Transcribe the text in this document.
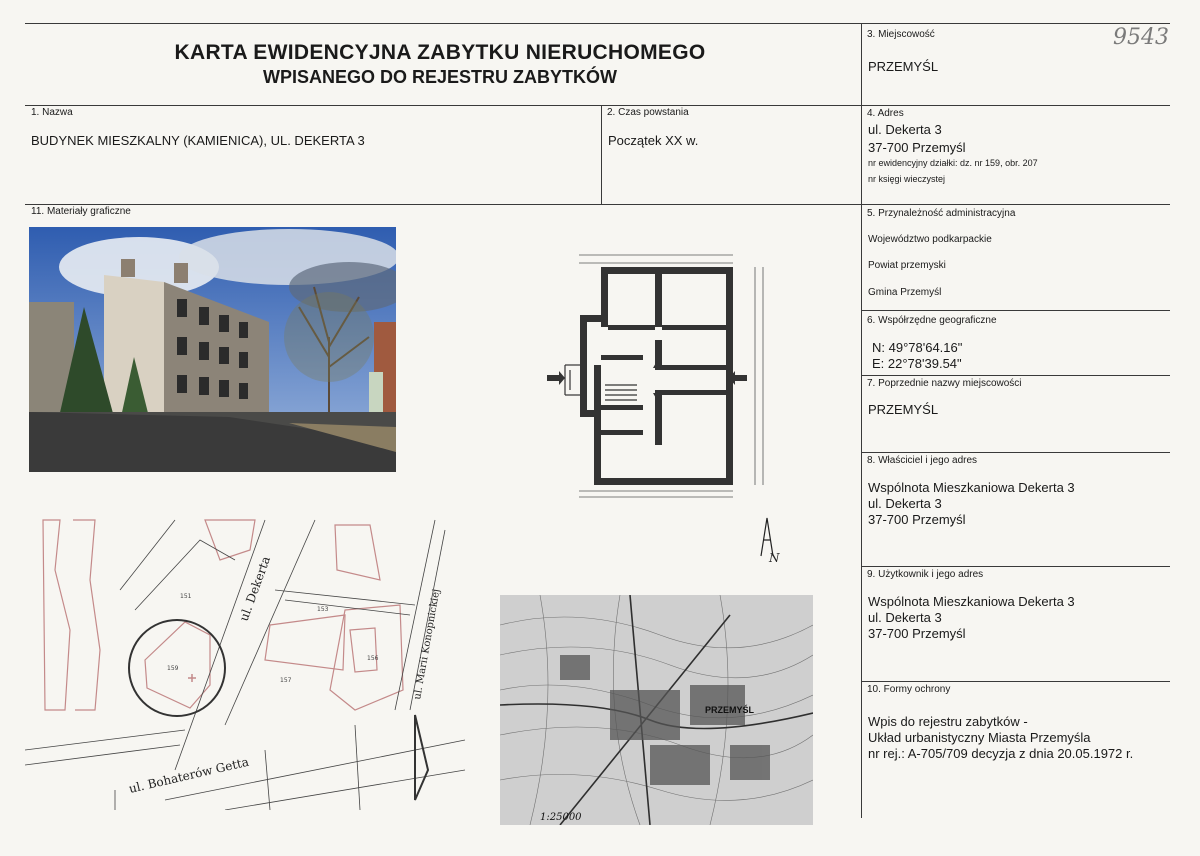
KARTA EWIDENCYJNA ZABYTKU NIERUCHOMEGO
WPISANEGO DO REJESTRU ZABYTKÓW
9543
3. Miejscowość
PRZEMYŚL
1. Nazwa
BUDYNEK MIESZKALNY (KAMIENICA), UL. DEKERTA 3
2. Czas powstania
Początek XX w.
4. Adres
ul. Dekerta 3
37-700 Przemyśl
nr ewidencyjny działki: dz. nr 159, obr. 207
nr księgi wieczystej
5. Przynależność administracyjna
Województwo podkarpackie
Powiat przemyski
Gmina Przemyśl
6. Współrzędne geograficzne
N: 49°78'64.16"
E: 22°78'39.54"
7. Poprzednie nazwy miejscowości
PRZEMYŚL
8. Właściciel i jego adres
Wspólnota Mieszkaniowa Dekerta 3
ul. Dekerta 3
37-700 Przemyśl
9. Użytkownik i jego adres
Wspólnota Mieszkaniowa Dekerta 3
ul. Dekerta 3
37-700 Przemyśl
10. Formy ochrony
Wpis do rejestru zabytków -
Układ urbanistyczny Miasta Przemyśla
nr rej.: A-705/709 decyzja z dnia 20.05.1972 r.
11. Materiały graficzne
ul. Dekerta	ul. Marii Konopnickiej
ul. Bohaterów Getta
151
153
156
157
159
PRZEMYŚL
1:25000
N
